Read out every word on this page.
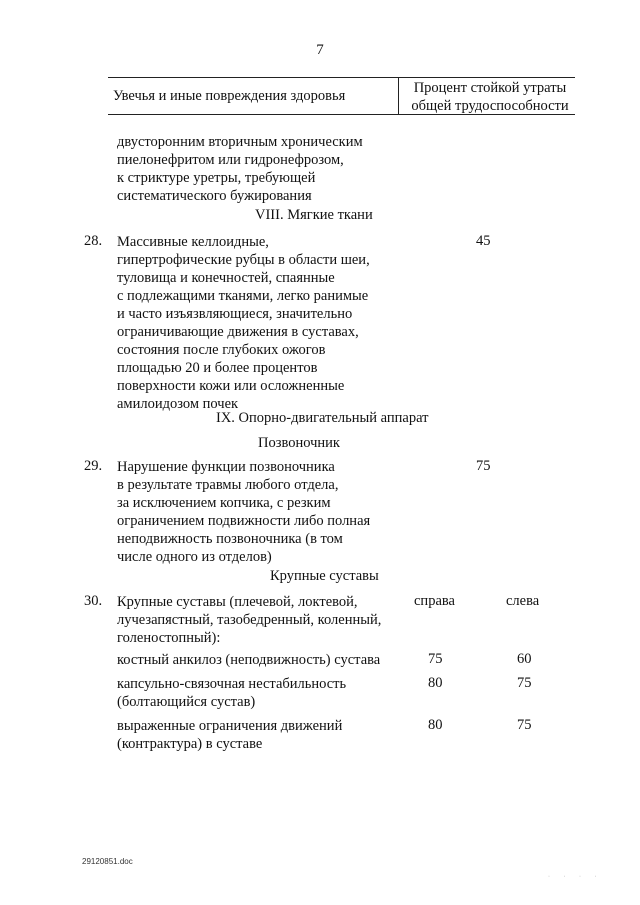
7
Увечья и иные повреждения здоровья	Процент стойкой утраты
общей трудоспособности
двусторонним вторичным хроническим
пиелонефритом или гидронефрозом,
к стриктуре уретры, требующей
систематического бужирования
VIII. Мягкие ткани
28. Массивные келлоидные,
гипертрофические рубцы в области шеи,
туловища и конечностей, спаянные
с подлежащими тканями, легко ранимые
и часто изъязвляющиеся, значительно
ограничивающие движения в суставах,
состояния после глубоких ожогов
площадью 20 и более процентов
поверхности кожи или осложненные
амилоидозом почек
45
IX. Опорно-двигательный аппарат
Позвоночник
29. Нарушение функции позвоночника
в результате травмы любого отдела,
за исключением копчика, с резким
ограничением подвижности либо полная
неподвижность позвоночника (в том
числе одного из отделов)
75
Крупные суставы
30. Крупные суставы (плечевой, локтевой,
лучезапястный, тазобедренный, коленный,
голеностопный):
справа	слева
костный анкилоз (неподвижность) сустава	75	60
капсульно-связочная нестабильность
(болтающийся сустав)
80	75
выраженные ограничения движений
(контрактура) в суставе
80	75
29120851.doc
· · · ·
